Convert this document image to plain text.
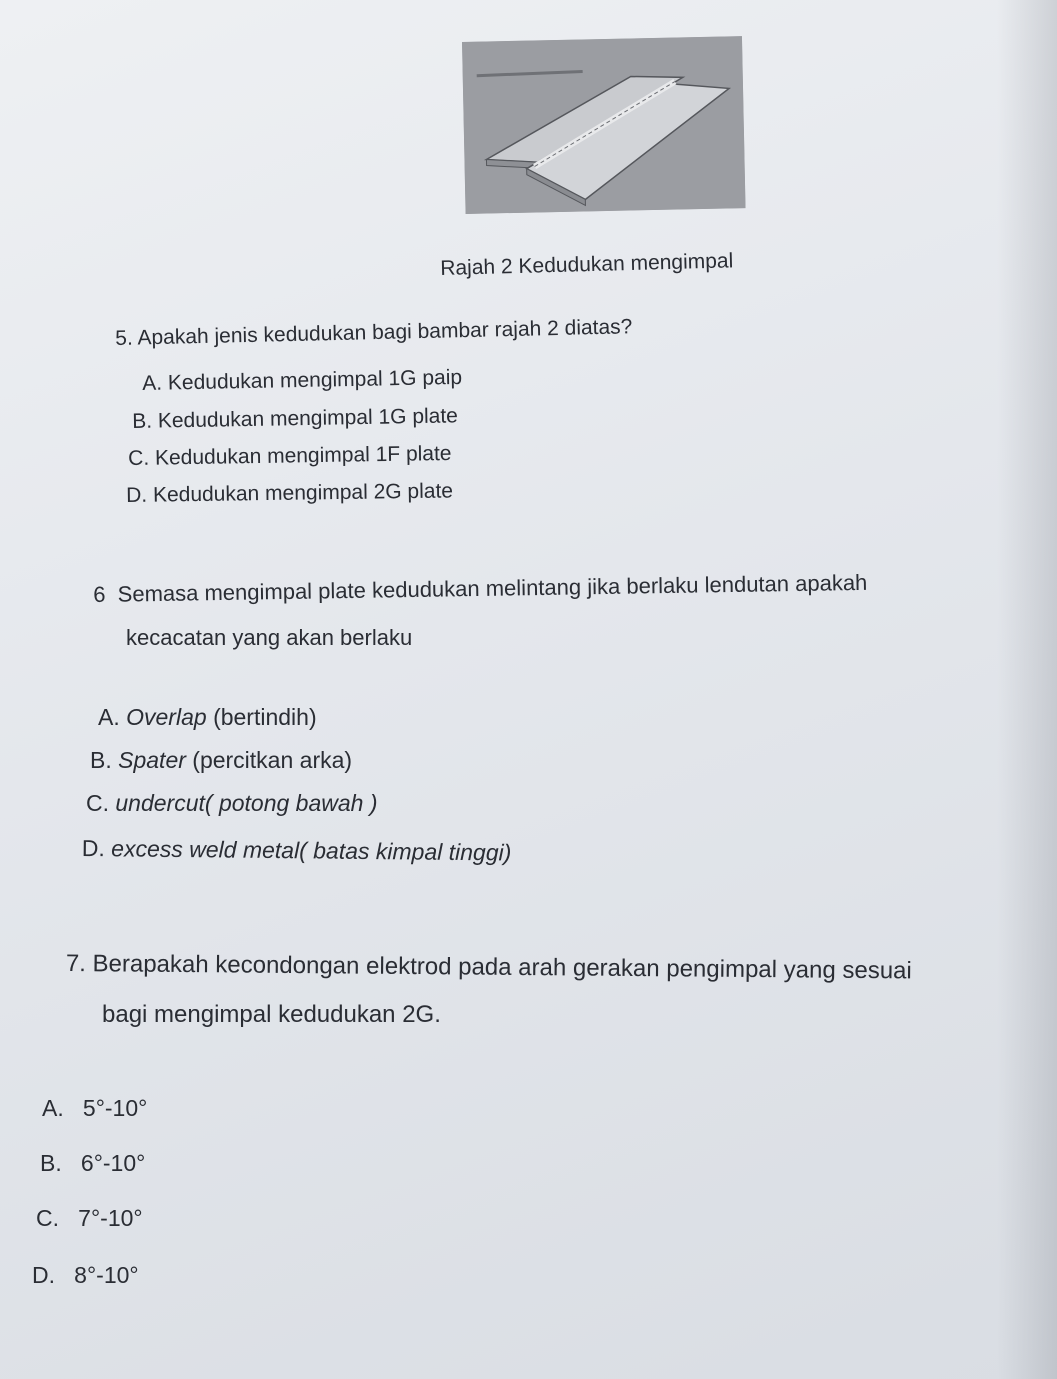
Rajah 2 Kedudukan mengimpal
5. Apakah jenis kedudukan bagi bambar rajah 2 diatas?
A. Kedudukan mengimpal 1G paip
B. Kedudukan mengimpal 1G plate
C. Kedudukan mengimpal 1F plate
D. Kedudukan mengimpal 2G plate
6 Semasa mengimpal plate kedudukan melintang jika berlaku lendutan apakah
kecacatan yang akan berlaku
A. Overlap (bertindih)
B. Spater (percitkan arka)
C. undercut( potong bawah )
D. excess weld metal( batas kimpal tinggi)
7. Berapakah kecondongan elektrod pada arah gerakan pengimpal yang sesuai
bagi mengimpal kedudukan 2G.
A. 5°-10°
B. 6°-10°
C. 7°-10°
D. 8°-10°
